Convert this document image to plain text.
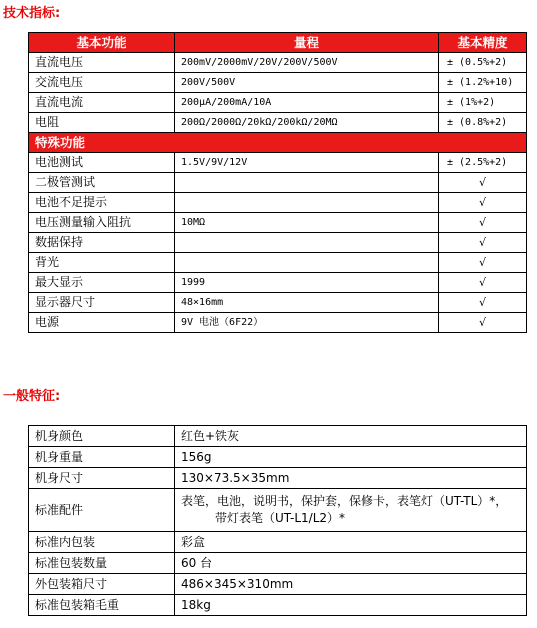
技术指标:
基本功能	量程	基本精度
直流电压	200mV/2000mV/20V/200V/500V	± (0.5%+2)
交流电压	200V/500V	± (1.2%+10)
直流电流	200μA/200mA/10A	± (1%+2)
电阻	200Ω/2000Ω/20kΩ/200kΩ/20MΩ	± (0.8%+2)
特殊功能		
电池测试	1.5V/9V/12V	± (2.5%+2)
二极管测试		√
电池不足提示		√
电压测量输入阻抗	10MΩ	√
数据保持		√
背光		√
最大显示	1999	√
显示器尺寸	48×16mm	√
电源	9V 电池（6F22）	√
一般特征:
机身颜色	红色+铁灰
机身重量	156g
机身尺寸	130×73.5×35mm
标准配件	表笔，电池，说明书，保护套，保修卡，表笔灯（UT-TL）*，
带灯表笔（UT-L1/L2）*

标准内包装	彩盒
标准包装数量	60 台
外包装箱尺寸	486×345×310mm
标准包装箱毛重	18kg
